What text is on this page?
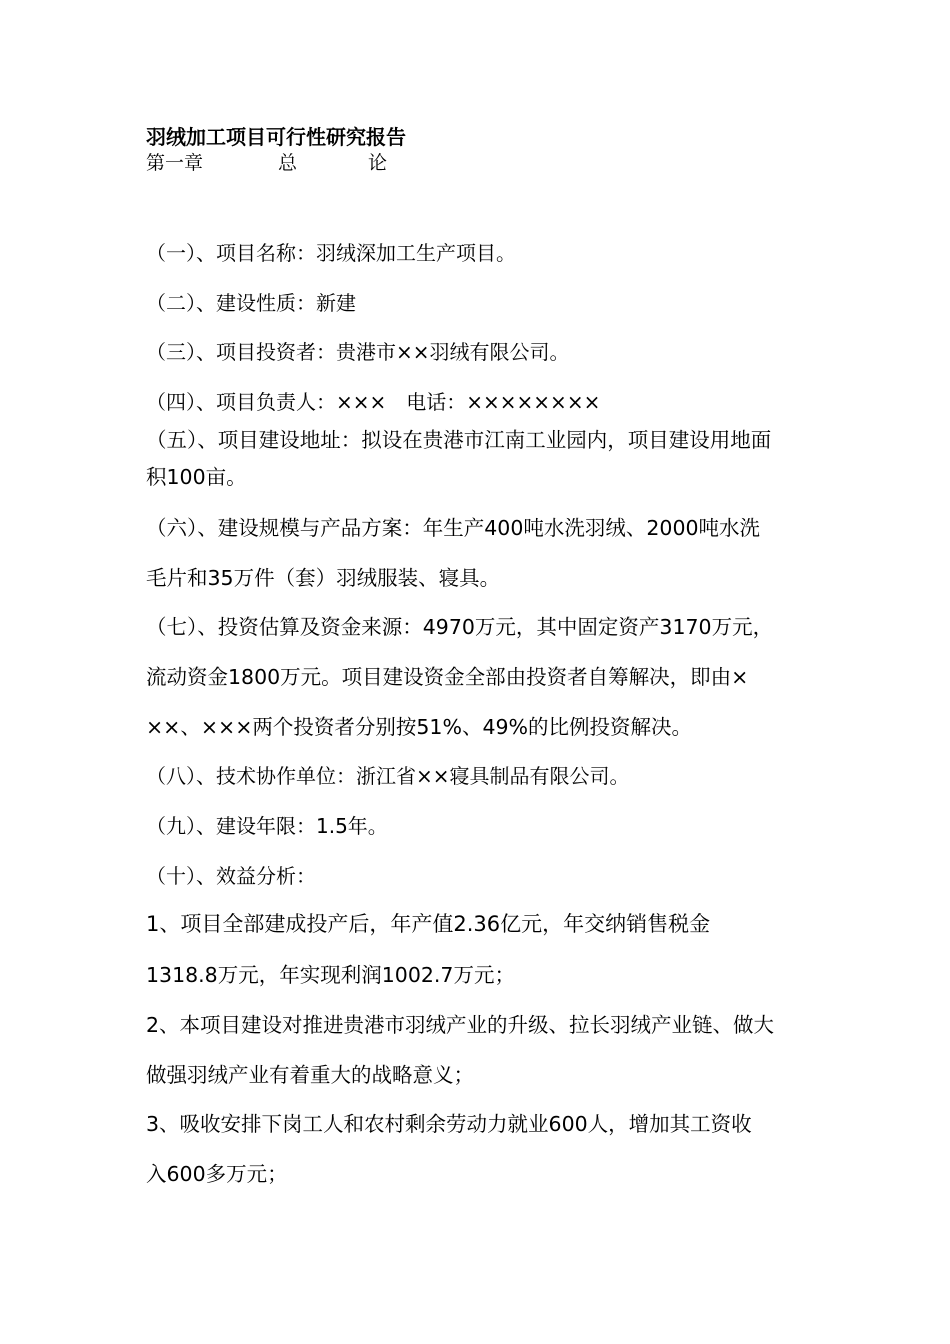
羽绒加工项目可行性研究报告
第一章	总	论
（一）、项目名称：羽绒深加工生产项目。
（二）、建设性质：新建
（三）、项目投资者：贵港市××羽绒有限公司。
（四）、项目负责人：×××　电话：××××××××
（五）、项目建设地址：拟设在贵港市江南工业园内，项目建设用地面
积100亩。
（六）、建设规模与产品方案：年生产400吨水洗羽绒、2000吨水洗
毛片和35万件（套）羽绒服装、寝具。
（七）、投资估算及资金来源：4970万元，其中固定资产3170万元，
流动资金1800万元。项目建设资金全部由投资者自筹解决，即由×
××、×××两个投资者分别按51%、49%的比例投资解决。
（八）、技术协作单位：浙江省××寝具制品有限公司。
（九）、建设年限：1.5年。
（十）、效益分析：
1、项目全部建成投产后，年产值2.36亿元，年交纳销售税金
1318.8万元，年实现利润1002.7万元；
2、本项目建设对推进贵港市羽绒产业的升级、拉长羽绒产业链、做大
做强羽绒产业有着重大的战略意义；
3、吸收安排下岗工人和农村剩余劳动力就业600人，增加其工资收
入600多万元；
